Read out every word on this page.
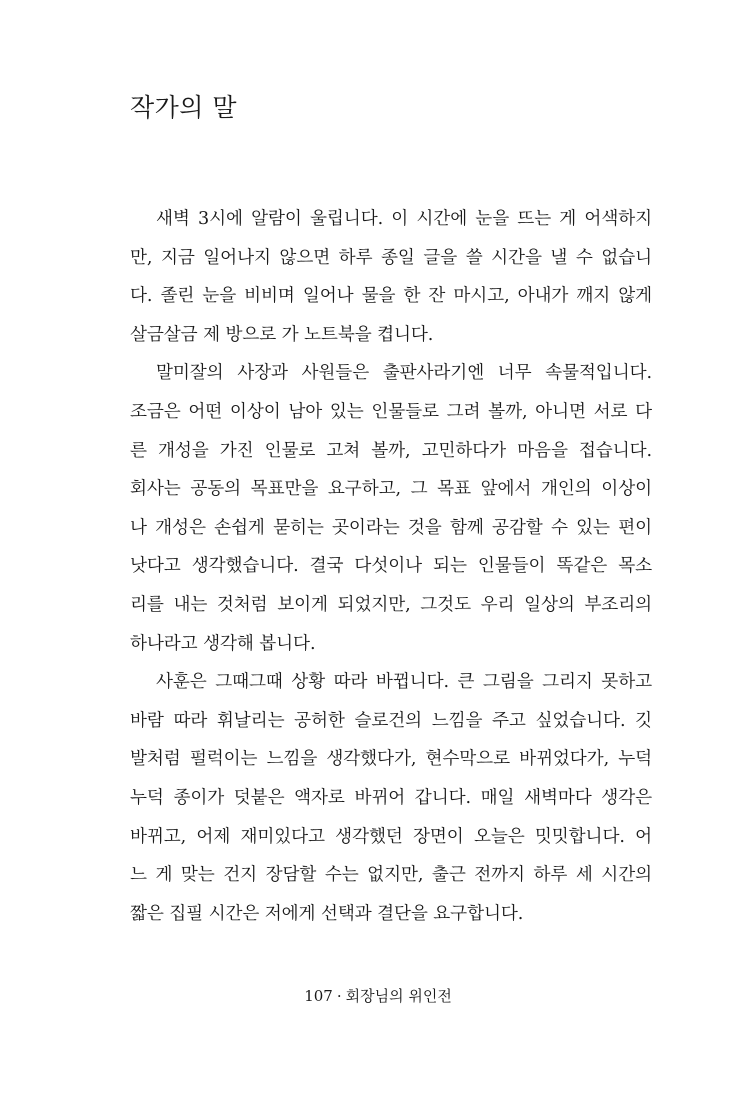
작가의 말
새벽 3시에 알람이 울립니다. 이 시간에 눈을 뜨는 게 어색하지
만, 지금 일어나지 않으면 하루 종일 글을 쓸 시간을 낼 수 없습니
다. 졸린 눈을 비비며 일어나 물을 한 잔 마시고, 아내가 깨지 않게
살금살금 제 방으로 가 노트북을 켭니다.
말미잘의 사장과 사원들은 출판사라기엔 너무 속물적입니다.
조금은 어떤 이상이 남아 있는 인물들로 그려 볼까, 아니면 서로 다
른 개성을 가진 인물로 고쳐 볼까, 고민하다가 마음을 접습니다.
회사는 공동의 목표만을 요구하고, 그 목표 앞에서 개인의 이상이
나 개성은 손쉽게 묻히는 곳이라는 것을 함께 공감할 수 있는 편이
낫다고 생각했습니다. 결국 다섯이나 되는 인물들이 똑같은 목소
리를 내는 것처럼 보이게 되었지만, 그것도 우리 일상의 부조리의
하나라고 생각해 봅니다.
사훈은 그때그때 상황 따라 바뀝니다. 큰 그림을 그리지 못하고
바람 따라 휘날리는 공허한 슬로건의 느낌을 주고 싶었습니다. 깃
발처럼 펄럭이는 느낌을 생각했다가, 현수막으로 바뀌었다가, 누덕
누덕 종이가 덧붙은 액자로 바뀌어 갑니다. 매일 새벽마다 생각은
바뀌고, 어제 재미있다고 생각했던 장면이 오늘은 밋밋합니다. 어
느 게 맞는 건지 장담할 수는 없지만, 출근 전까지 하루 세 시간의
짧은 집필 시간은 저에게 선택과 결단을 요구합니다.
107 · 회장님의 위인전
